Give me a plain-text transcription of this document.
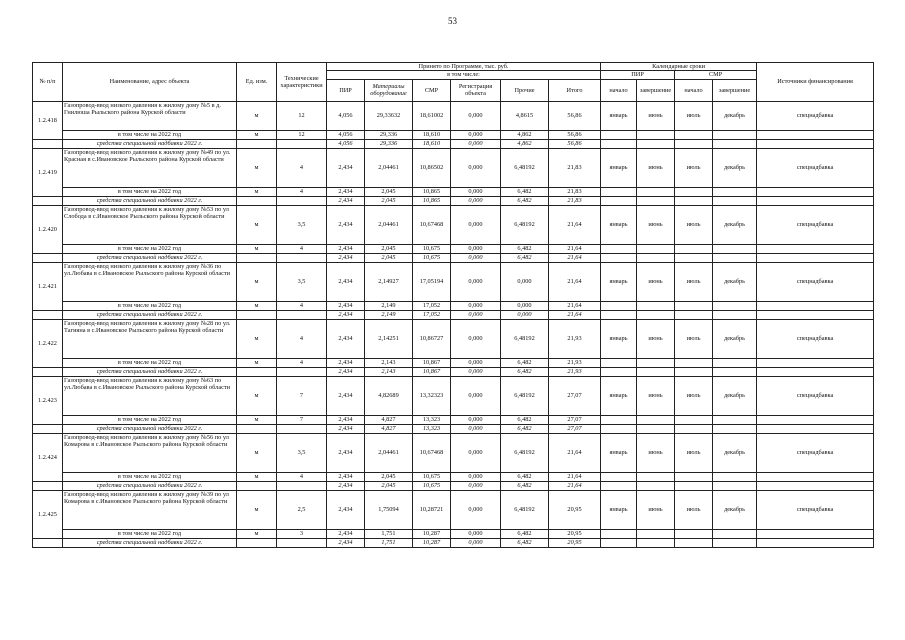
53
№ п/п	Наименование, адрес объекта	Ед. изм.	Технические характеристики	Принято по Программе, тыс. руб.						Календарные сроки				Источники финансирования
				в том числе:						ПИР		СМР		
				ПИР	Материалы оборудование	СМР	Регистрация объекта	Прочие	Итого	начало	завершение	начало	завершение	
1.2.418	Газопровод-ввод низкого давления к жилому дому №5 в д. Гнилюша Рыльского района Курской области	м	12	4,056	29,33632	18,61002	0,000	4,8615	56,86	январь	июнь	июль	декабрь	спецнадбавка
	в том числе на 2022 год	м	12	4,056	29,336	18,610	0,000	4,862	56,86					
	средства специальной надбавки 2022 г.			4,056	29,336	18,610	0,000	4,862	56,86					
1.2.419	Газопровод-ввод низкого давления к жилому дому №49 по ул. Красная в с.Ивановское Рыльского района Курской области	м	4	2,434	2,04461	10,86502	0,000	6,48192	21,83	январь	июнь	июль	декабрь	спецнадбавка
	в том числе на 2022 год	м	4	2,434	2,045	10,865	0,000	6,482	21,83					
	средства специальной надбавки 2022 г.			2,434	2,045	10,865	0,000	6,482	21,83					
1.2.420	Газопровод-ввод низкого давления к жилому дому №53 по ул Слобода в с.Ивановское Рыльского района Курской области	м	3,5	2,434	2,04461	10,67468	0,000	6,48192	21,64	январь	июнь	июль	декабрь	спецнадбавка
	в том числе на 2022 год	м	4	2,434	2,045	10,675	0,000	6,482	21,64					
	средства специальной надбавки 2022 г.			2,434	2,045	10,675	0,000	6,482	21,64					
1.2.421	Газопровод-ввод низкого давления к жилому дому №36 по ул.Любава в с.Ивановское Рыльского района Курской области	м	3,5	2,434	2,14927	17,05194	0,000	0,000	21,64	январь	июнь	июль	декабрь	спецнадбавка
	в том числе на 2022 год	м	4	2,434	2,149	17,052	0,000	0,000	21,64					
	средства специальной надбавки 2022 г.			2,434	2,149	17,052	0,000	0,000	21,64					
1.2.422	Газопровод-ввод низкого давления к жилому дому №28 по ул. Тагияна в с.Ивановское Рыльского района Курской области	м	4	2,434	2,14251	10,86727	0,000	6,48192	21,93	январь	июнь	июль	декабрь	спецнадбавка
	в том числе на 2022 год	м	4	2,434	2,143	10,867	0,000	6,482	21,93					
	средства специальной надбавки 2022 г.			2,434	2,143	10,867	0,000	6,482	21,93					
1.2.423	Газопровод-ввод низкого давления к жилому дому №63 по ул.Любава в с.Ивановское Рыльского района Курской области	м	7	2,434	4,82689	13,32323	0,000	6,48192	27,07	январь	июнь	июль	декабрь	спецнадбавка
	в том числе на 2022 год	м	7	2,434	4,827	13,323	0,000	6,482	27,07					
	средства специальной надбавки 2022 г.			2,434	4,827	13,323	0,000	6,482	27,07					
1.2.424	Газопровод-ввод низкого давления к жилому дому №56 по ул Комарова в с.Ивановское Рыльского района Курской области	м	3,5	2,434	2,04461	10,67468	0,000	6,48192	21,64	январь	июнь	июль	декабрь	спецнадбавка
	в том числе на 2022 год	м	4	2,434	2,045	10,675	0,000	6,482	21,64					
	средства специальной надбавки 2022 г.			2,434	2,045	10,675	0,000	6,482	21,64					
1.2.425	Газопровод-ввод низкого давления к жилому дому №39 по ул Комарова в с.Ивановское Рыльского района Курской области	м	2,5	2,434	1,75094	10,28721	0,000	6,48192	20,95	январь	июнь	июль	декабрь	спецнадбавка
	в том числе на 2022 год	м	3	2,434	1,751	10,287	0,000	6,482	20,95					
	средства специальной надбавки 2022 г.			2,434	1,751	10,287	0,000	6,482	20,95					
